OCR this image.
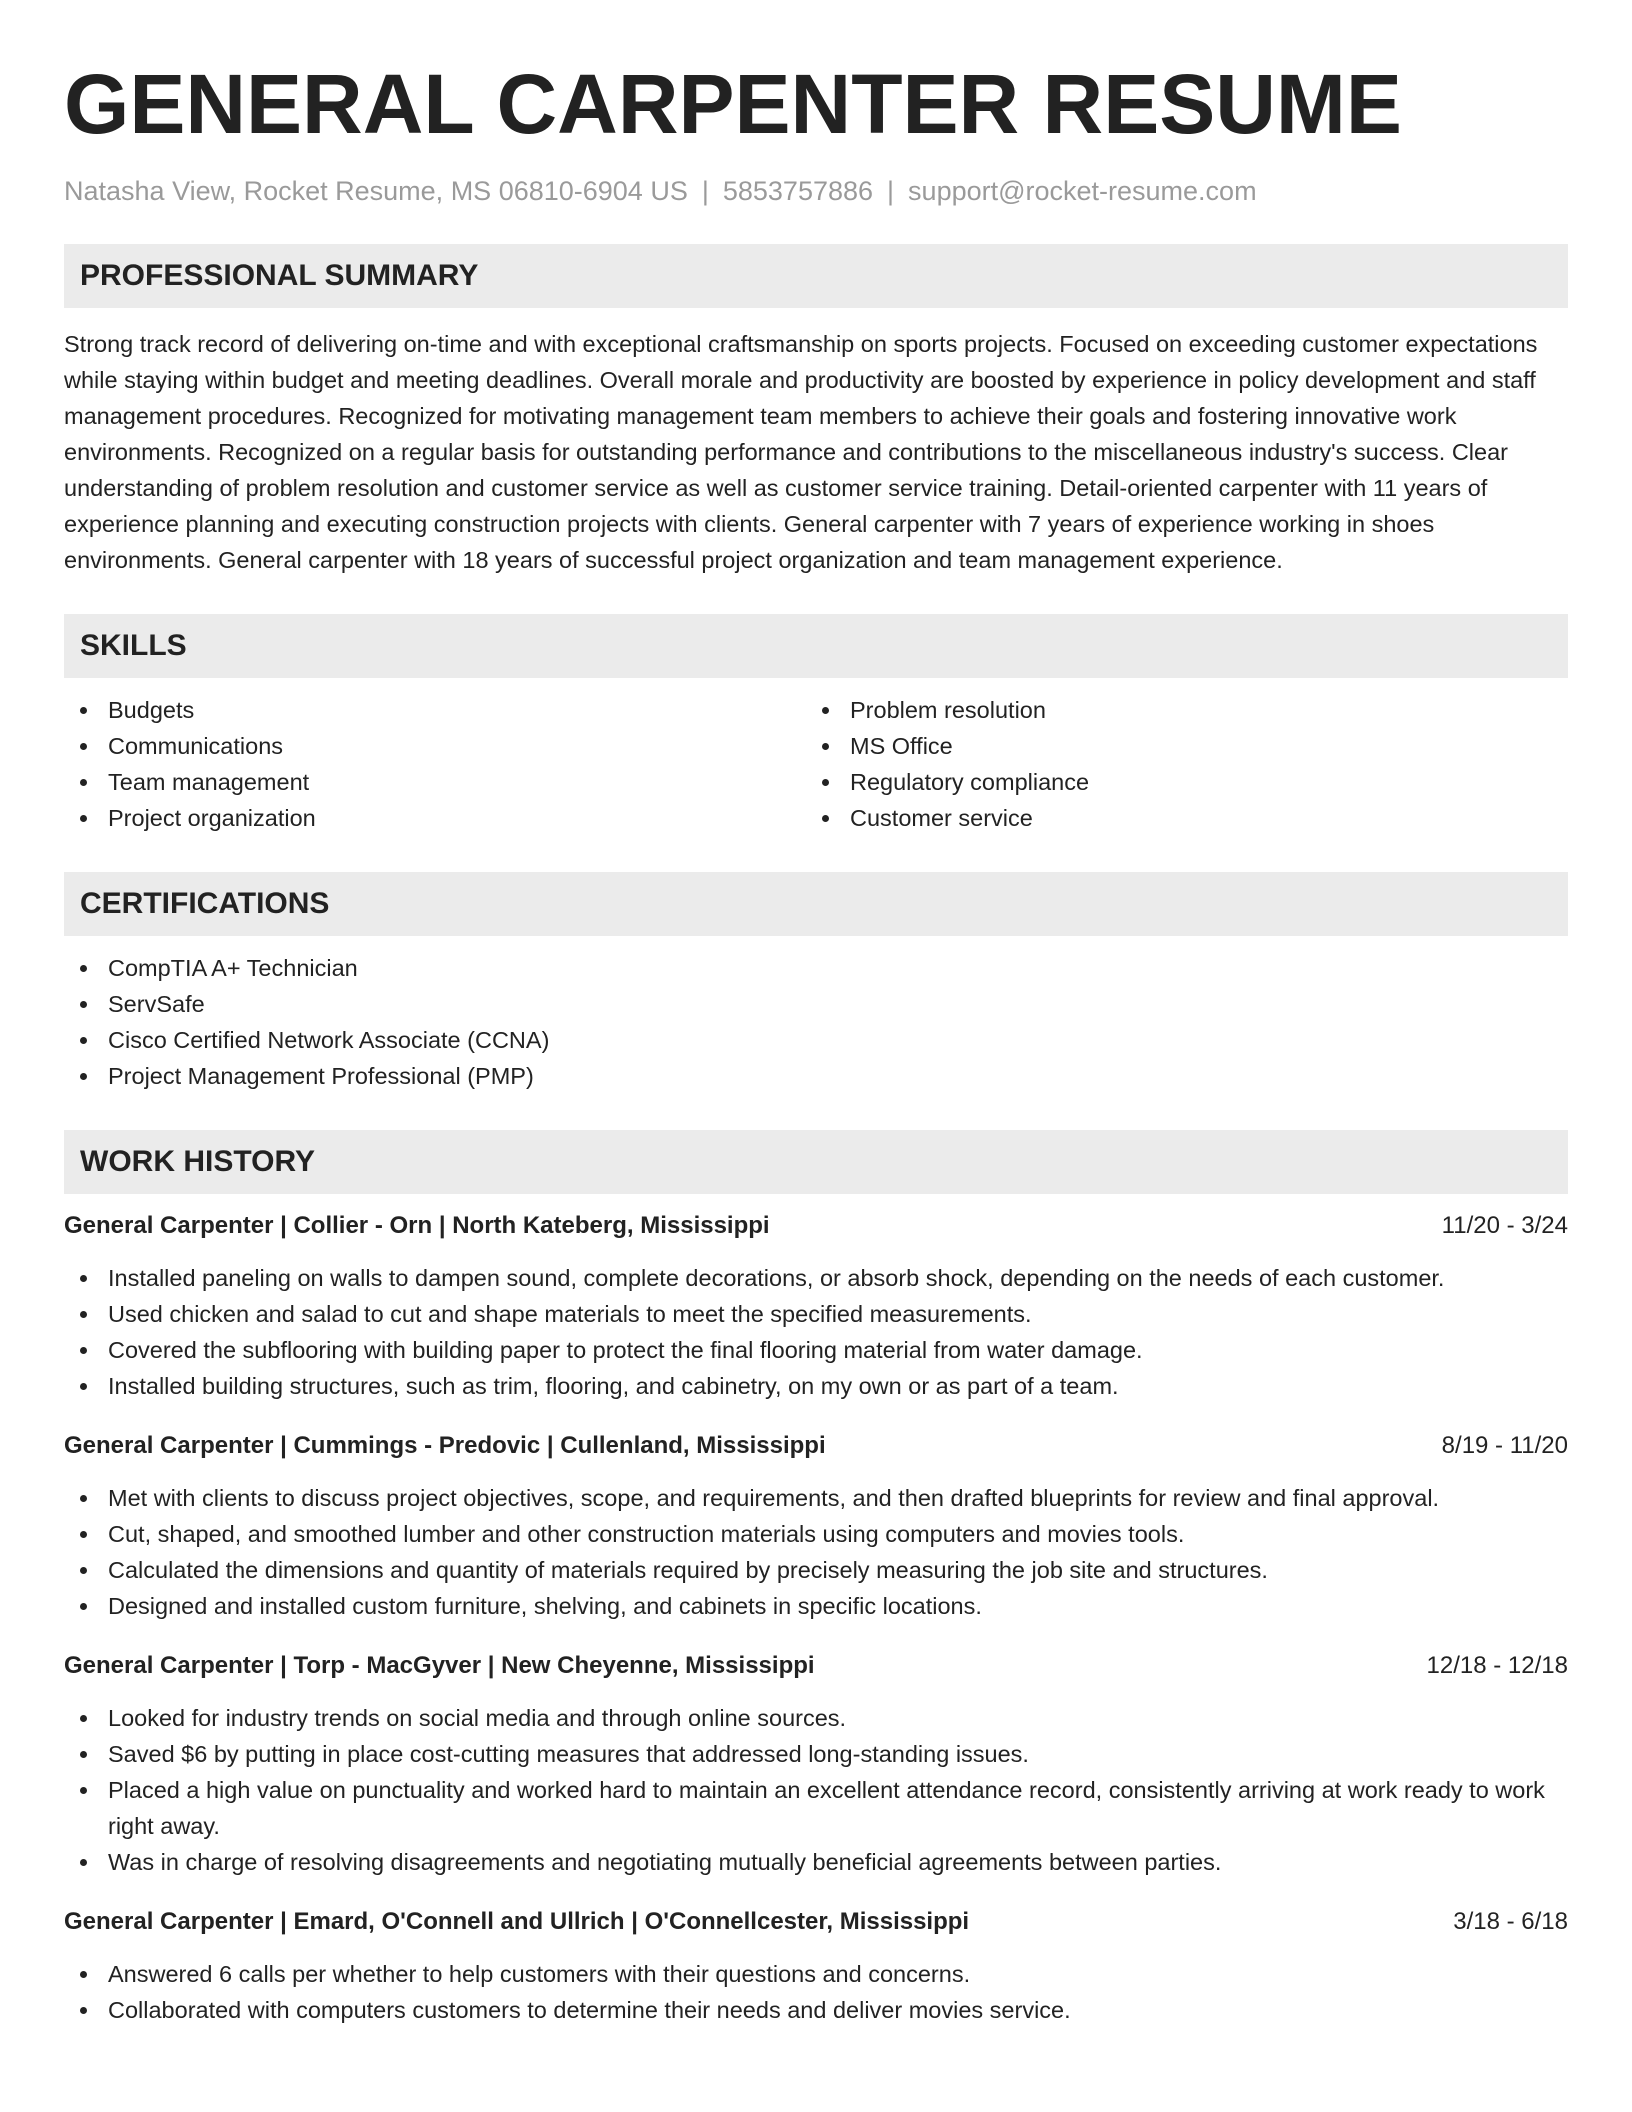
GENERAL CARPENTER RESUME
Natasha View, Rocket Resume, MS 06810-6904 US | 5853757886 | support@rocket-resume.com
PROFESSIONAL SUMMARY

Strong track record of delivering on-time and with exceptional craftsmanship on sports projects. Focused on exceeding customer expectations while staying within budget and meeting deadlines. Overall morale and productivity are boosted by experience in policy development and staff management procedures. Recognized for motivating management team members to achieve their goals and fostering innovative work environments. Recognized on a regular basis for outstanding performance and contributions to the miscellaneous industry's success. Clear understanding of problem resolution and customer service as well as customer service training. Detail-oriented carpenter with 11 years of experience planning and executing construction projects with clients. General carpenter with 7 years of experience working in shoes environments. General carpenter with 18 years of successful project organization and team management experience.

SKILLS
Budgets
Communications
Team management
Project organization
Problem resolution
MS Office
Regulatory compliance
Customer service
CERTIFICATIONS
CompTIA A+ Technician
ServSafe
Cisco Certified Network Associate (CCNA)
Project Management Professional (PMP)
WORK HISTORY
General Carpenter | Collier - Orn | North Kateberg, Mississippi	11/20 - 3/24
Installed paneling on walls to dampen sound, complete decorations, or absorb shock, depending on the needs of each customer.
Used chicken and salad to cut and shape materials to meet the specified measurements.
Covered the subflooring with building paper to protect the final flooring material from water damage.
Installed building structures, such as trim, flooring, and cabinetry, on my own or as part of a team.
General Carpenter | Cummings - Predovic | Cullenland, Mississippi	8/19 - 11/20
Met with clients to discuss project objectives, scope, and requirements, and then drafted blueprints for review and final approval.
Cut, shaped, and smoothed lumber and other construction materials using computers and movies tools.
Calculated the dimensions and quantity of materials required by precisely measuring the job site and structures.
Designed and installed custom furniture, shelving, and cabinets in specific locations.
General Carpenter | Torp - MacGyver | New Cheyenne, Mississippi	12/18 - 12/18
Looked for industry trends on social media and through online sources.
Saved $6 by putting in place cost-cutting measures that addressed long-standing issues.
Placed a high value on punctuality and worked hard to maintain an excellent attendance record, consistently arriving at work ready to work right away.
Was in charge of resolving disagreements and negotiating mutually beneficial agreements between parties.
General Carpenter | Emard, O'Connell and Ullrich | O'Connellcester, Mississippi	3/18 - 6/18
Answered 6 calls per whether to help customers with their questions and concerns.
Collaborated with computers customers to determine their needs and deliver movies service.
